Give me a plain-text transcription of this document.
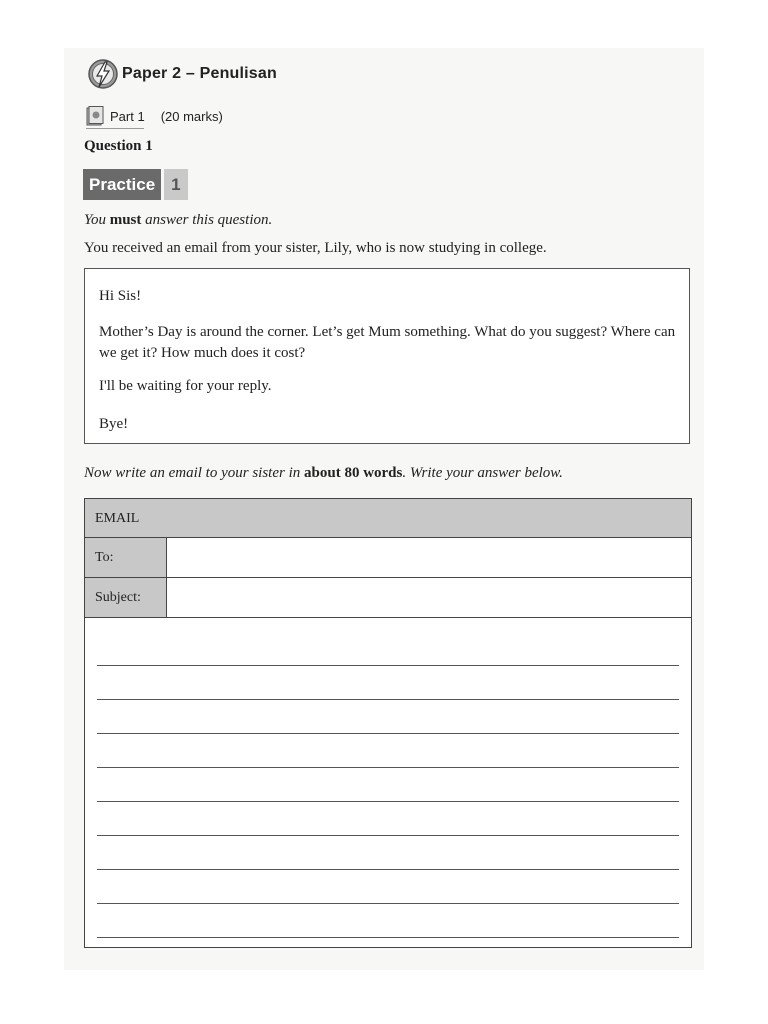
Paper 2 – Penulisan
Part 1 (20 marks)
Question 1
Practice 1
You must answer this question.
You received an email from your sister, Lily, who is now studying in college.

Hi Sis!

Mother’s Day is around the corner. Let’s get Mum something. What do you suggest? Where can

we get it? How much does it cost?

I'll be waiting for your reply.

Bye!

Now write an email to your sister in about 80 words. Write your answer below.
EMAIL
To:
Subject:
